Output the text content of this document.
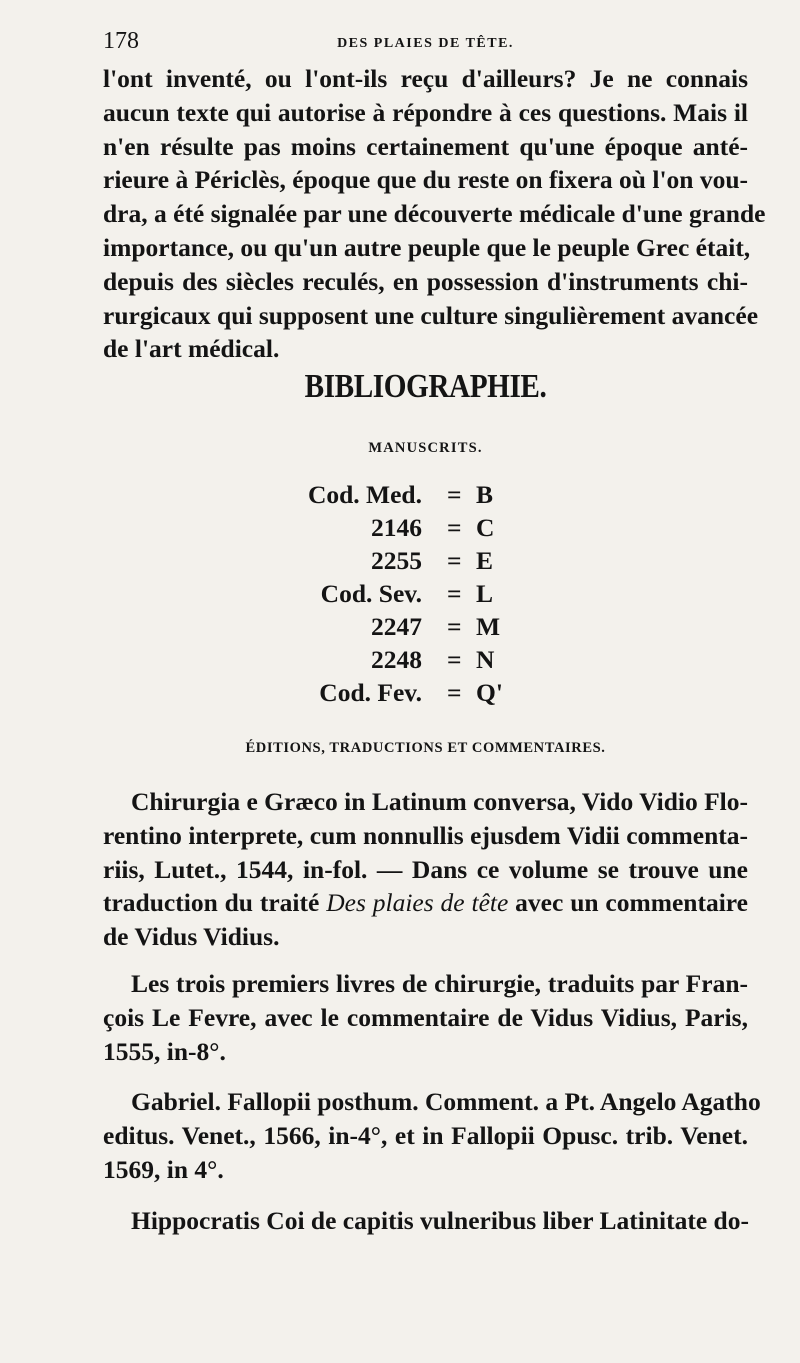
178	DES PLAIES DE TÊTE.
l'ont inventé, ou l'ont-ils reçu d'ailleurs? Je ne connais
aucun texte qui autorise à répondre à ces questions. Mais il
n'en résulte pas moins certainement qu'une époque anté-
rieure à Périclès, époque que du reste on fixera où l'on vou-
dra, a été signalée par une découverte médicale d'une grande
importance, ou qu'un autre peuple que le peuple Grec était,
depuis des siècles reculés, en possession d'instruments chi-
rurgicaux qui supposent une culture singulièrement avancée
de l'art médical.
BIBLIOGRAPHIE.
MANUSCRITS.
Cod. Med. = B
2146 = C
2255 = E
Cod. Sev. = L
2247 = M
2248 = N
Cod. Fev. = Q'
ÉDITIONS, TRADUCTIONS ET COMMENTAIRES.
Chirurgia e Græco in Latinum conversa, Vido Vidio Flo-
rentino interprete, cum nonnullis ejusdem Vidii commenta-
riis, Lutet., 1544, in-fol. — Dans ce volume se trouve une
traduction du traité Des plaies de tête avec un commentaire
de Vidus Vidius.
Les trois premiers livres de chirurgie, traduits par Fran-
çois Le Fevre, avec le commentaire de Vidus Vidius, Paris,
1555, in-8°.
Gabriel. Fallopii posthum. Comment. a Pt. Angelo Agatho
editus. Venet., 1566, in-4°, et in Fallopii Opusc. trib. Venet.
1569, in 4°.
Hippocratis Coi de capitis vulneribus liber Latinitate do-
